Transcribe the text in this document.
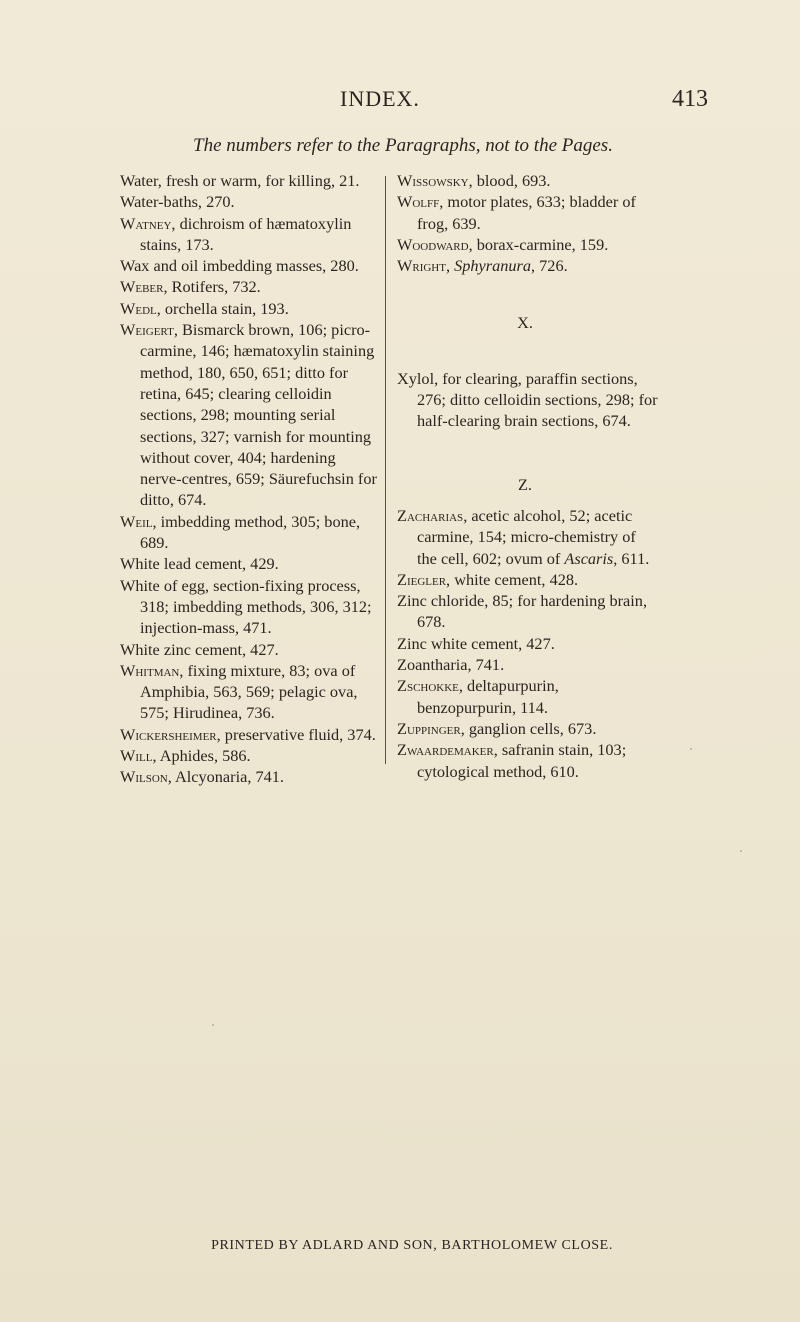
INDEX.	413
The numbers refer to the Paragraphs, not to the Pages.

Water, fresh or warm, for killing, 21.

Water-baths, 270.

Watney, dichroism of hæmatoxylin stains, 173.

Wax and oil imbedding masses, 280.

Weber, Rotifers, 732.

Wedl, orchella stain, 193.

Weigert, Bismarck brown, 106; picro-carmine, 146; hæmatoxylin staining method, 180, 650, 651; ditto for retina, 645; clearing celloidin sections, 298; mounting serial sections, 327; varnish for mounting without cover, 404; hardening nerve-centres, 659; Säurefuchsin for ditto, 674.

Weil, imbedding method, 305; bone, 689.

White lead cement, 429.

White of egg, section-fixing process, 318; imbedding methods, 306, 312; injection-mass, 471.

White zinc cement, 427.

Whitman, fixing mixture, 83; ova of Amphibia, 563, 569; pelagic ova, 575; Hirudinea, 736.

Wickersheimer, preservative fluid, 374.

Will, Aphides, 586.

Wilson, Alcyonaria, 741.

Wissowsky, blood, 693.

Wolff, motor plates, 633; bladder of frog, 639.

Woodward, borax-carmine, 159.

Wright, Sphyranura, 726.

X.

Xylol, for clearing, paraffin sections, 276; ditto celloidin sections, 298; for half-clearing brain sections, 674.

Z.

Zacharias, acetic alcohol, 52; acetic carmine, 154; micro-chemistry of the cell, 602; ovum of Ascaris, 611.

Ziegler, white cement, 428.

Zinc chloride, 85; for hardening brain, 678.

Zinc white cement, 427.

Zoantharia, 741.

Zschokke, deltapurpurin, benzopurpurin, 114.

Zuppinger, ganglion cells, 673.

Zwaardemaker, safranin stain, 103; cytological method, 610.

PRINTED BY ADLARD AND SON, BARTHOLOMEW CLOSE.
